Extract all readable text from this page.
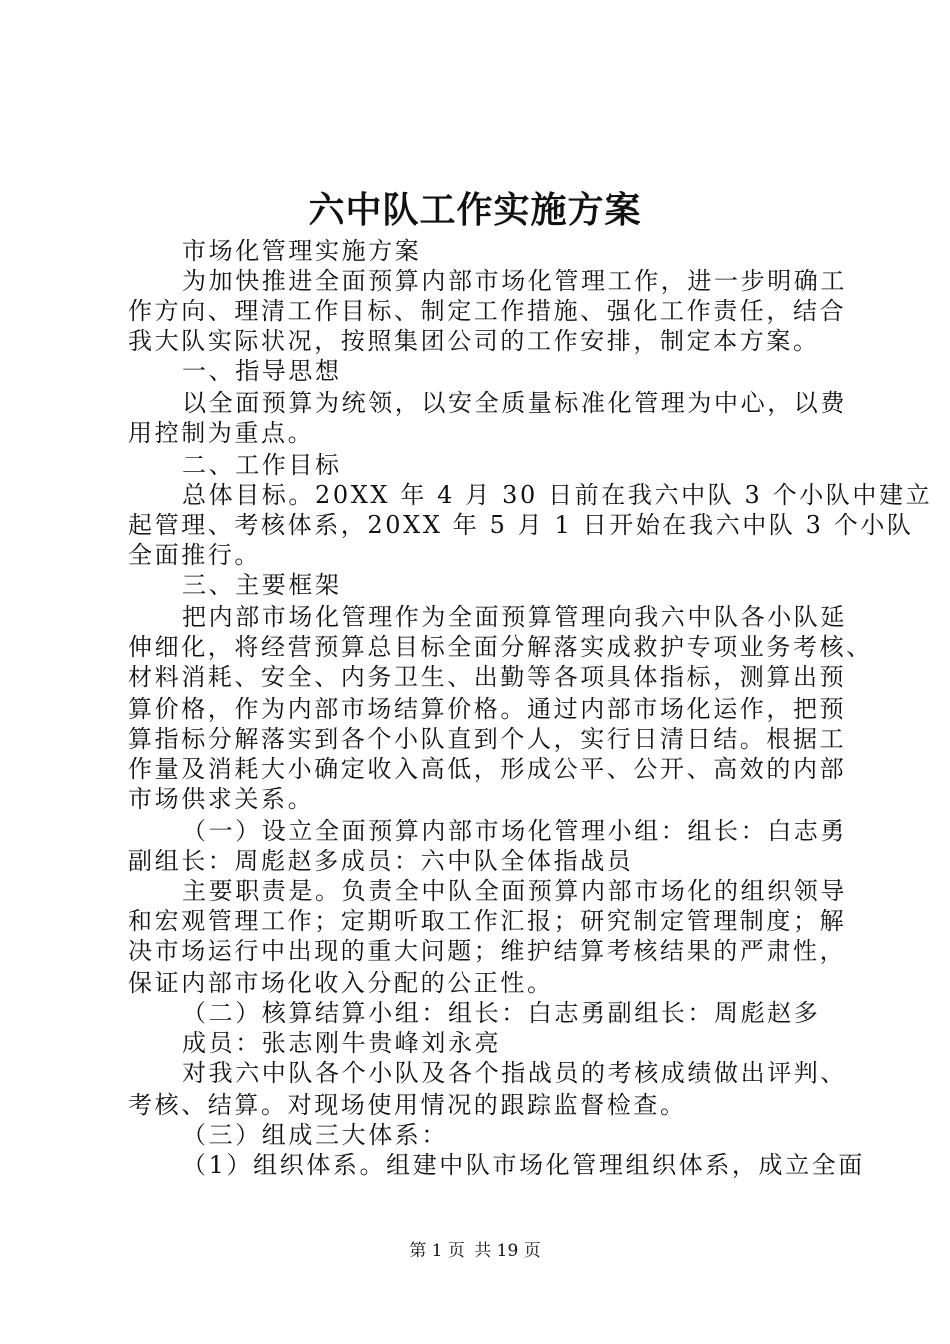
六中队工作实施方案
市场化管理实施方案
为加快推进全面预算内部市场化管理工作，进一步明确工
作方向、理清工作目标、制定工作措施、强化工作责任，结合
我大队实际状况，按照集团公司的工作安排，制定本方案。
一、指导思想
以全面预算为统领，以安全质量标准化管理为中心，以费
用控制为重点。
二、工作目标
总体目标。20XX 年 4 月 30 日前在我六中队 3 个小队中建立
起管理、考核体系，20XX 年 5 月 1 日开始在我六中队 3 个小队
全面推行。
三、主要框架
把内部市场化管理作为全面预算管理向我六中队各小队延
伸细化，将经营预算总目标全面分解落实成救护专项业务考核、
材料消耗、安全、内务卫生、出勤等各项具体指标，测算出预
算价格，作为内部市场结算价格。通过内部市场化运作，把预
算指标分解落实到各个小队直到个人，实行日清日结。根据工
作量及消耗大小确定收入高低，形成公平、公开、高效的内部
市场供求关系。
（一）设立全面预算内部市场化管理小组：组长：白志勇
副组长：周彪赵多成员：六中队全体指战员
主要职责是。负责全中队全面预算内部市场化的组织领导
和宏观管理工作；定期听取工作汇报；研究制定管理制度；解
决市场运行中出现的重大问题；维护结算考核结果的严肃性，
保证内部市场化收入分配的公正性。
（二）核算结算小组：组长：白志勇副组长：周彪赵多
成员：张志刚牛贵峰刘永亮
对我六中队各个小队及各个指战员的考核成绩做出评判、
考核、结算。对现场使用情况的跟踪监督检查。
（三）组成三大体系：
（1）组织体系。组建中队市场化管理组织体系，成立全面
第 1 页 共 19 页
